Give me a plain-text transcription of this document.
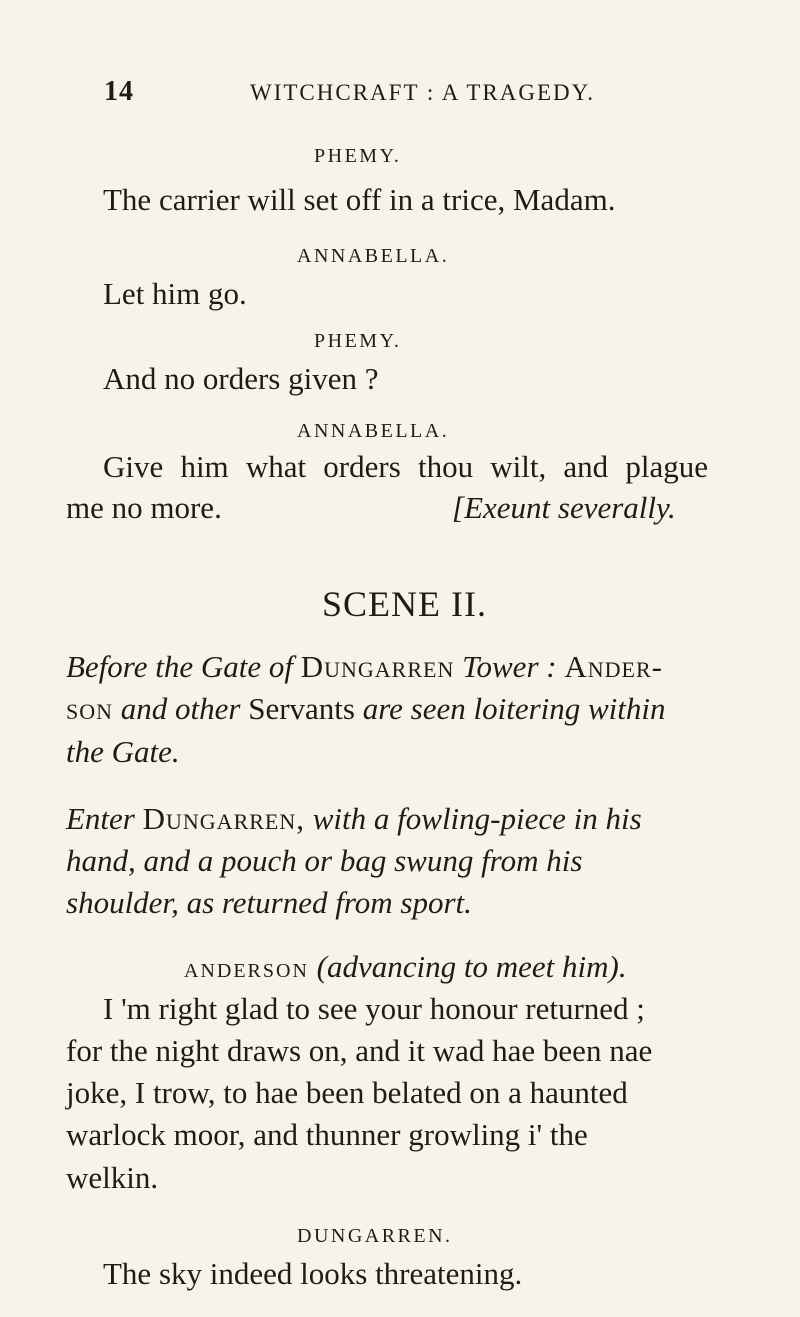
14	WITCHCRAFT : A TRAGEDY.
PHEMY.
The carrier will set off in a trice, Madam.
ANNABELLA.
Let him go.
PHEMY.
And no orders given ?
ANNABELLA.
Give him what orders thou wilt, and plague
me no more.	[Exeunt severally.
SCENE II.
Before the Gate of Dungarren Tower : Ander-
son and other Servants are seen loitering within
the Gate.
Enter Dungarren, with a fowling-piece in his
hand, and a pouch or bag swung from his
shoulder, as returned from sport.
ANDERSON (advancing to meet him).
I 'm right glad to see your honour returned ;
for the night draws on, and it wad hae been nae
joke, I trow, to hae been belated on a haunted
warlock moor, and thunner growling i' the
welkin.
DUNGARREN.
The sky indeed looks threatening.
